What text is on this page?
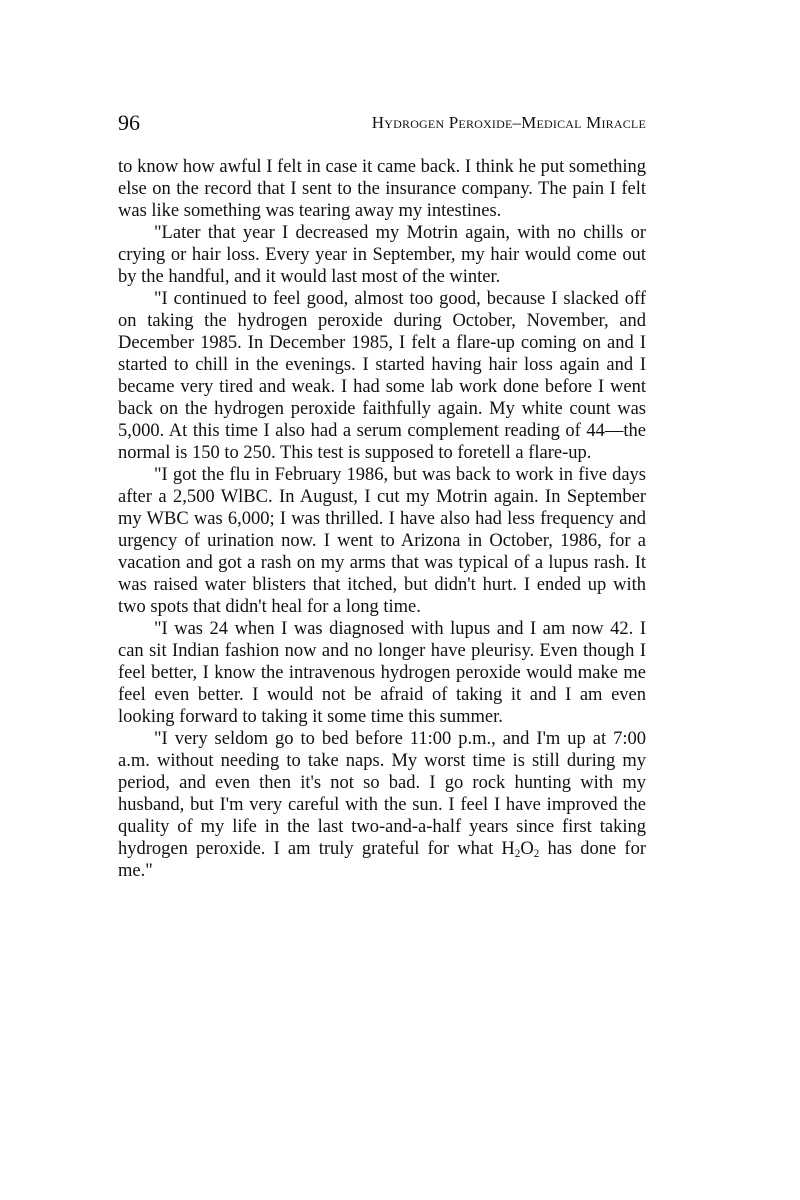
96	Hydrogen Peroxide–Medical Miracle

to know how awful I felt in case it came back. I think he put something else on the record that I sent to the insurance company. The pain I felt was like something was tearing away my intestines.

"Later that year I decreased my Motrin again, with no chills or crying or hair loss. Every year in September, my hair would come out by the handful, and it would last most of the winter.

"I continued to feel good, almost too good, because I slacked off on taking the hydrogen peroxide during October, November, and December 1985. In December 1985, I felt a flare-up coming on and I started to chill in the evenings. I started having hair loss again and I became very tired and weak. I had some lab work done before I went back on the hydrogen peroxide faithfully again. My white count was 5,000. At this time I also had a serum complement reading of 44—the normal is 150 to 250. This test is supposed to foretell a flare-up.

"I got the flu in February 1986, but was back to work in five days after a 2,500 WlBC. In August, I cut my Motrin again. In September my WBC was 6,000; I was thrilled. I have also had less frequency and urgency of urination now. I went to Arizona in October, 1986, for a vacation and got a rash on my arms that was typical of a lupus rash. It was raised water blisters that itched, but didn't hurt. I ended up with two spots that didn't heal for a long time.

"I was 24 when I was diagnosed with lupus and I am now 42. I can sit Indian fashion now and no longer have pleurisy. Even though I feel better, I know the intravenous hydrogen peroxide would make me feel even better. I would not be afraid of taking it and I am even looking forward to taking it some time this summer.

"I very seldom go to bed before 11:00 p.m., and I'm up at 7:00 a.m. without needing to take naps. My worst time is still during my period, and even then it's not so bad. I go rock hunting with my husband, but I'm very careful with the sun. I feel I have improved the quality of my life in the last two-and-a-half years since first taking hydrogen peroxide. I am truly grateful for what $H_2O_2$ has done for me."
